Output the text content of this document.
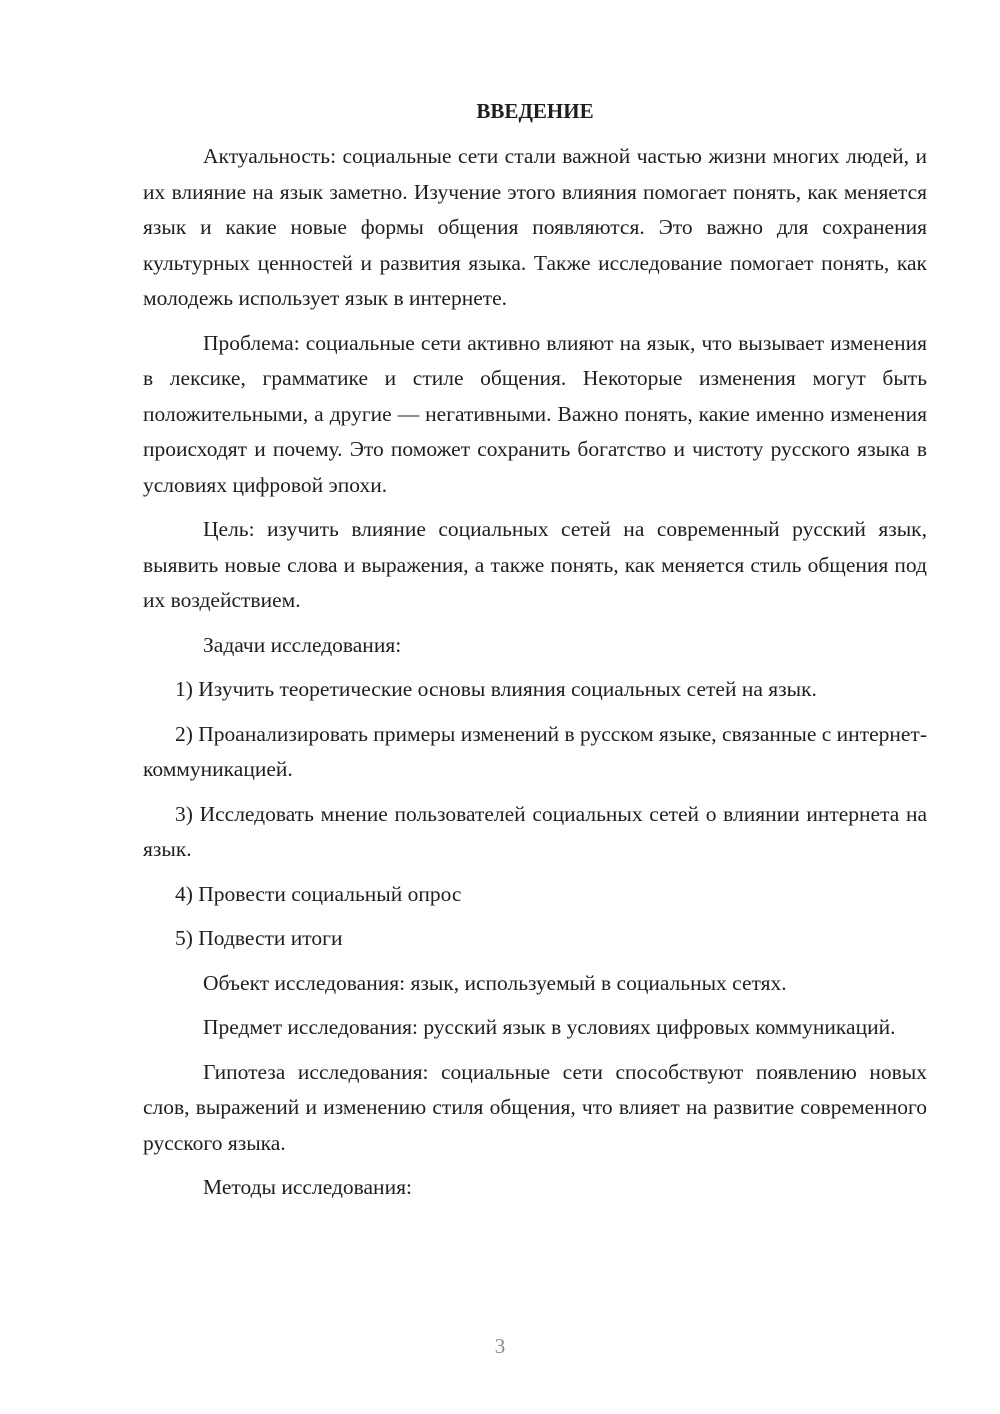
ВВЕДЕНИЕ

Актуальность: социальные сети стали важной частью жизни многих людей, и их влияние на язык заметно. Изучение этого влияния помогает понять, как меняется язык и какие новые формы общения появляются. Это важно для сохранения культурных ценностей и развития языка. Также исследование помогает понять, как молодежь использует язык в интернете.

Проблема: социальные сети активно влияют на язык, что вызывает изменения в лексике, грамматике и стиле общения. Некоторые изменения могут быть положительными, а другие — негативными. Важно понять, какие именно изменения происходят и почему. Это поможет сохранить богатство и чистоту русского языка в условиях цифровой эпохи.

Цель: изучить влияние социальных сетей на современный русский язык, выявить новые слова и выражения, а также понять, как меняется стиль общения под их воздействием.

Задачи исследования:

1) Изучить теоретические основы влияния социальных сетей на язык.

2) Проанализировать примеры изменений в русском языке, связанные с интернет-коммуникацией.

3) Исследовать мнение пользователей социальных сетей о влиянии интернета на язык.

4) Провести социальный опрос

5) Подвести итоги

Объект исследования: язык, используемый в социальных сетях.

Предмет исследования: русский язык в условиях цифровых коммуникаций.

Гипотеза исследования: социальные сети способствуют появлению новых слов, выражений и изменению стиля общения, что влияет на развитие современного русского языка.

Методы исследования:

3
